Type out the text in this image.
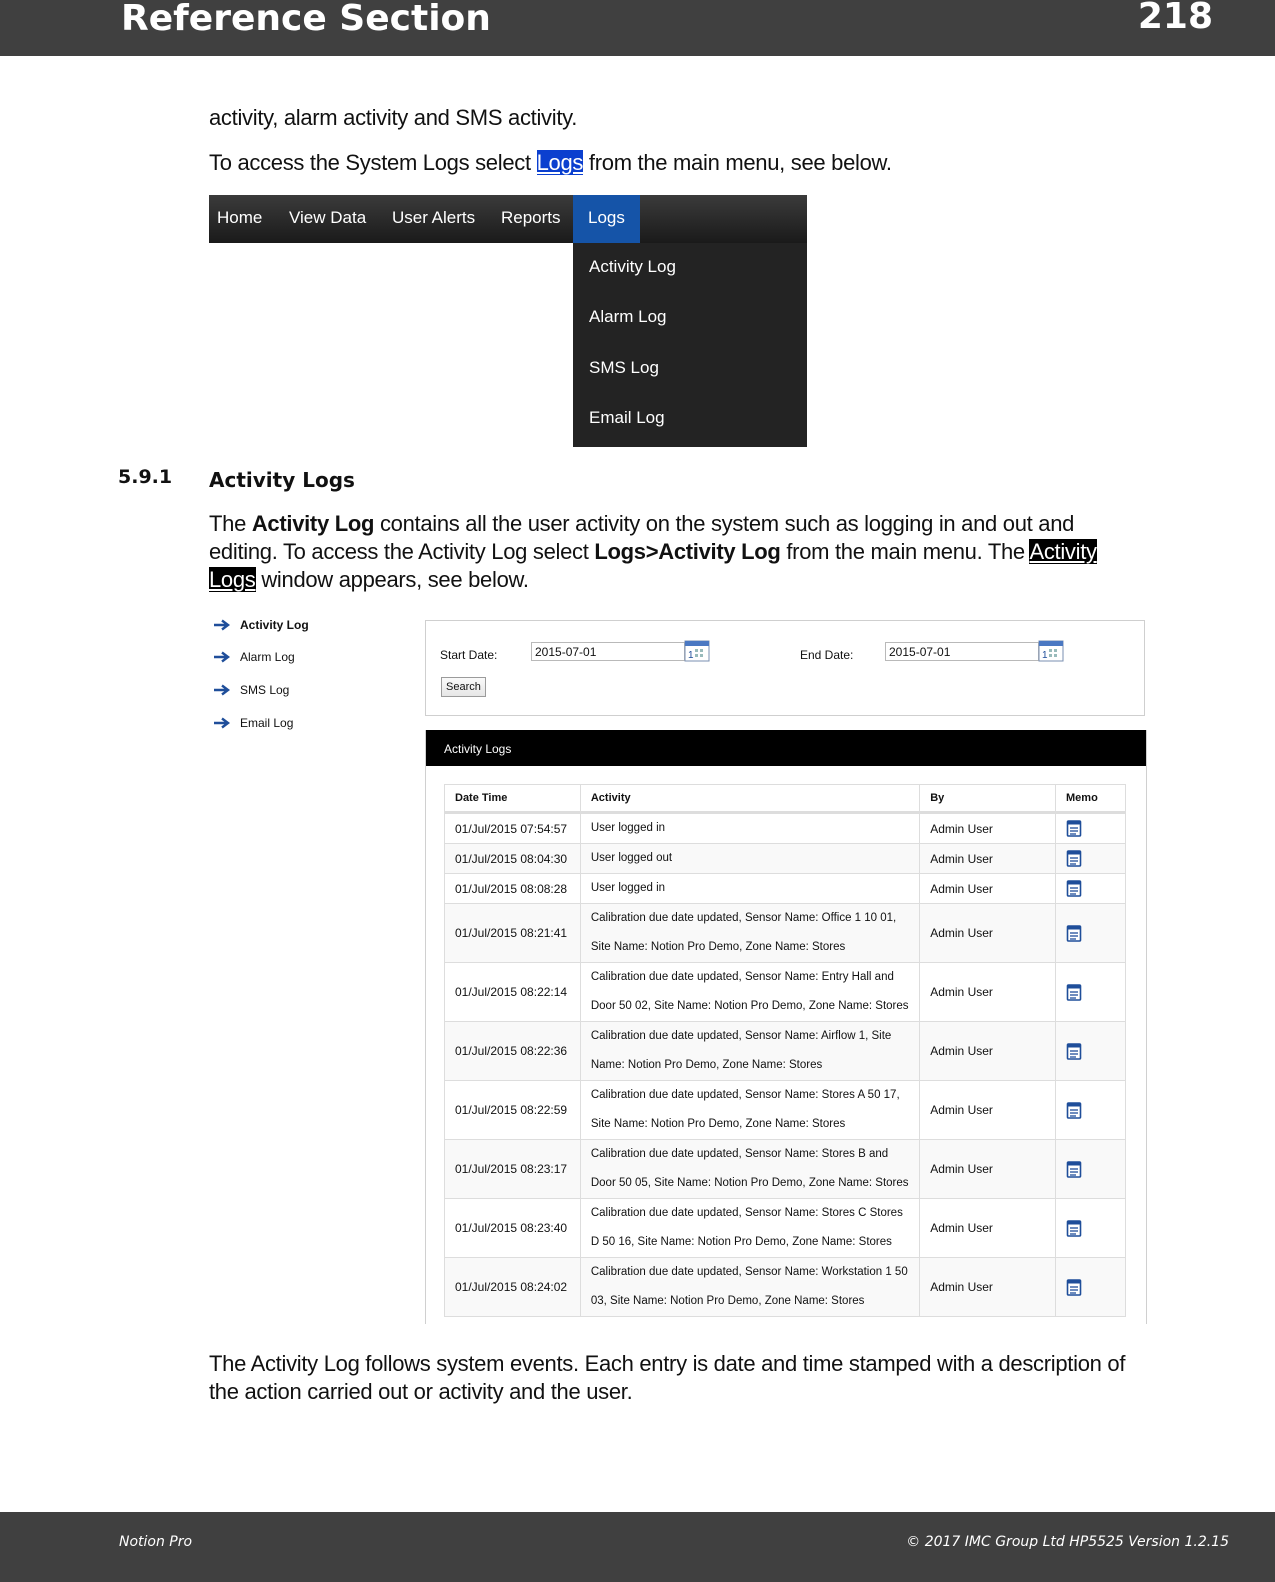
Reference Section	218
activity, alarm activity and SMS activity.
To access the System Logs select Logs from the main menu, see below.
Home View Data User Alerts Reports	Logs
Activity Log
Alarm Log
SMS Log
Email Log
5.9.1 Activity Logs
The Activity Log contains all the user activity on the system such as logging in and out and editing. To access the Activity Log select Logs>Activity Log from the main menu. The Activity Logs window appears, see below.
Activity Log
Alarm Log
SMS Log
Email Log
Start Date:	2015-07-01	1	End Date:	2015-07-01	1
Search
Activity Logs
Date Time	Activity	By	Memo
01/Jul/2015 07:54:57	User logged in	Admin User	

01/Jul/2015 08:04:30	User logged out	Admin User	

01/Jul/2015 08:08:28	User logged in	Admin User	

01/Jul/2015 08:21:41	Calibration due date updated, Sensor Name: Office 1 10 01, Site Name: Notion Pro Demo, Zone Name: Stores	Admin User	

01/Jul/2015 08:22:14	Calibration due date updated, Sensor Name: Entry Hall and Door 50 02, Site Name: Notion Pro Demo, Zone Name: Stores	Admin User	

01/Jul/2015 08:22:36	Calibration due date updated, Sensor Name: Airflow 1, Site Name: Notion Pro Demo, Zone Name: Stores	Admin User	

01/Jul/2015 08:22:59	Calibration due date updated, Sensor Name: Stores A 50 17, Site Name: Notion Pro Demo, Zone Name: Stores	Admin User	

01/Jul/2015 08:23:17	Calibration due date updated, Sensor Name: Stores B and Door 50 05, Site Name: Notion Pro Demo, Zone Name: Stores	Admin User	

01/Jul/2015 08:23:40	Calibration due date updated, Sensor Name: Stores C Stores D 50 16, Site Name: Notion Pro Demo, Zone Name: Stores	Admin User	

01/Jul/2015 08:24:02	Calibration due date updated, Sensor Name: Workstation 1 50 03, Site Name: Notion Pro Demo, Zone Name: Stores	Admin User	
The Activity Log follows system events. Each entry is date and time stamped with a description of the action carried out or activity and the user.
Notion Pro	© 2017 IMC Group Ltd HP5525 Version 1.2.15
